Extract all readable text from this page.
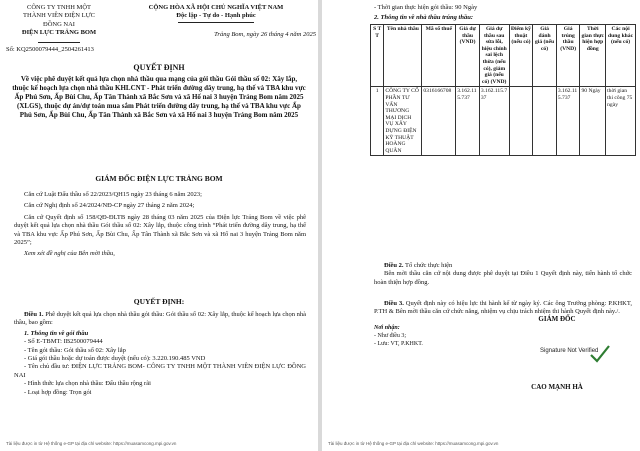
CÔNG TY TNHH MỘT
THÀNH VIÊN ĐIỆN LỰC
ĐỒNG NAI
ĐIỆN LỰC TRẢNG BOM
CỘNG HÒA XÃ HỘI CHỦ NGHĨA VIỆT NAM
Độc lập - Tự do - Hạnh phúc
Trảng Bom, ngày 26 tháng 4 năm 2025
Số: KQ2500079444_2504261413
QUYẾT ĐỊNH
Về việc phê duyệt kết quả lựa chọn nhà thầu qua mạng của gói thầu Gói thầu số 02: Xây lắp, thuộc kế hoạch lựa chọn nhà thầu KHLCNT - Phát triển đường dây trung, hạ thế và TBA khu vực Ấp Phú Sơn, Ấp Bùi Chu, Ấp Tân Thành xã Bắc Sơn và xã Hố nai 3 huyện Trảng Bom năm 2025 (XLGS), thuộc dự án/dự toán mua sắm Phát triển đường dây trung, hạ thế và TBA khu vực Ấp Phú Sơn, Ấp Bùi Chu, Ấp Tân Thành xã Bắc Sơn và xã Hố nai 3 huyện Trảng Bom năm 2025
GIÁM ĐỐC ĐIỆN LỰC TRẢNG BOM
Căn cứ Luật Đấu thầu số 22/2023/QH15 ngày 23 tháng 6 năm 2023;
Căn cứ Nghị định số 24/2024/NĐ-CP ngày 27 tháng 2 năm 2024;
Căn cứ Quyết định số 158/QĐ-ĐLTB ngày 28 tháng 03 năm 2025 của Điện lực Trảng Bom về việc phê duyệt kết quả lựa chọn nhà thầu Gói thầu số 02: Xây lắp, thuộc công trình “Phát triển đường dây trung, hạ thế và TBA khu vực Ấp Phú Sơn, Ấp Bùi Chu, Ấp Tân Thành xã Bắc Sơn và xã Hố nai 3 huyện Trảng Bom năm 2025”;
Xem xét đề nghị của Bên mời thầu,
QUYẾT ĐỊNH:
Điều 1. Phê duyệt kết quả lựa chọn nhà thầu gói thầu: Gói thầu số 02: Xây lắp, thuộc kế hoạch lựa chọn nhà thầu, bao gồm:
1. Thông tin về gói thầu
- Số E-TBMT: IB2500079444
- Tên gói thầu: Gói thầu số 02: Xây lắp
- Giá gói thầu hoặc dự toán được duyệt (nếu có): 3.220.190.485 VND
- Tên chủ đầu tư: ĐIỆN LỰC TRẢNG BOM- CÔNG TY TNHH MỘT THÀNH VIÊN ĐIỆN LỰC ĐỒNG NAI
- Hình thức lựa chọn nhà thầu: Đấu thầu rộng rãi
- Loại hợp đồng: Trọn gói
Tài liệu được in từ Hệ thống e-GP tại địa chỉ website: https://muasamcong.mpi.gov.vn
- Thời gian thực hiện gói thầu: 90 Ngày
2. Thông tin về nhà thầu trúng thầu:
S T T	Tên nhà thầu	Mã số thuế	Giá dự thầu (VND)	Giá dự thầu sau sửa lỗi, hiệu chỉnh sai lệch thừa (nếu có), giảm giá (nếu có) (VND)	Điểm kỹ thuật (nếu có)	Giá đánh giá (nếu có)	Giá trúng thầu (VND)	Thời gian thực hiện hợp đồng	Các nội dung khác (nếu có)
1	CÔNG TY CỔ PHẦN TƯ VẤN THƯƠNG MẠI DỊCH VỤ XÂY DỰNG ĐIỆN KỸ THUẬT HOÀNG QUÂN	0316166708	3.162.115.737	3.162.115.737			3.162.115.737	90 Ngày	thời gian thi công 75 ngày
Điều 2. Tổ chức thực hiện
Bên mời thầu căn cứ nội dung được phê duyệt tại Điều 1 Quyết định này, tiến hành tổ chức hoàn thiện hợp đồng.
Điều 3. Quyết định này có hiệu lực thi hành kể từ ngày ký. Các ông Trưởng phòng: P.KHKT, P.TH & Bên mời thầu căn cứ chức năng, nhiệm vụ chịu trách nhiệm thi hành Quyết định này./.
Nơi nhận:
- Như điều 3;
- Lưu: VT, P.KHKT.
GIÁM ĐỐC
Signature Not Verified
CAO MẠNH HÀ
Tài liệu được in từ Hệ thống e-GP tại địa chỉ website: https://muasamcong.mpi.gov.vn
